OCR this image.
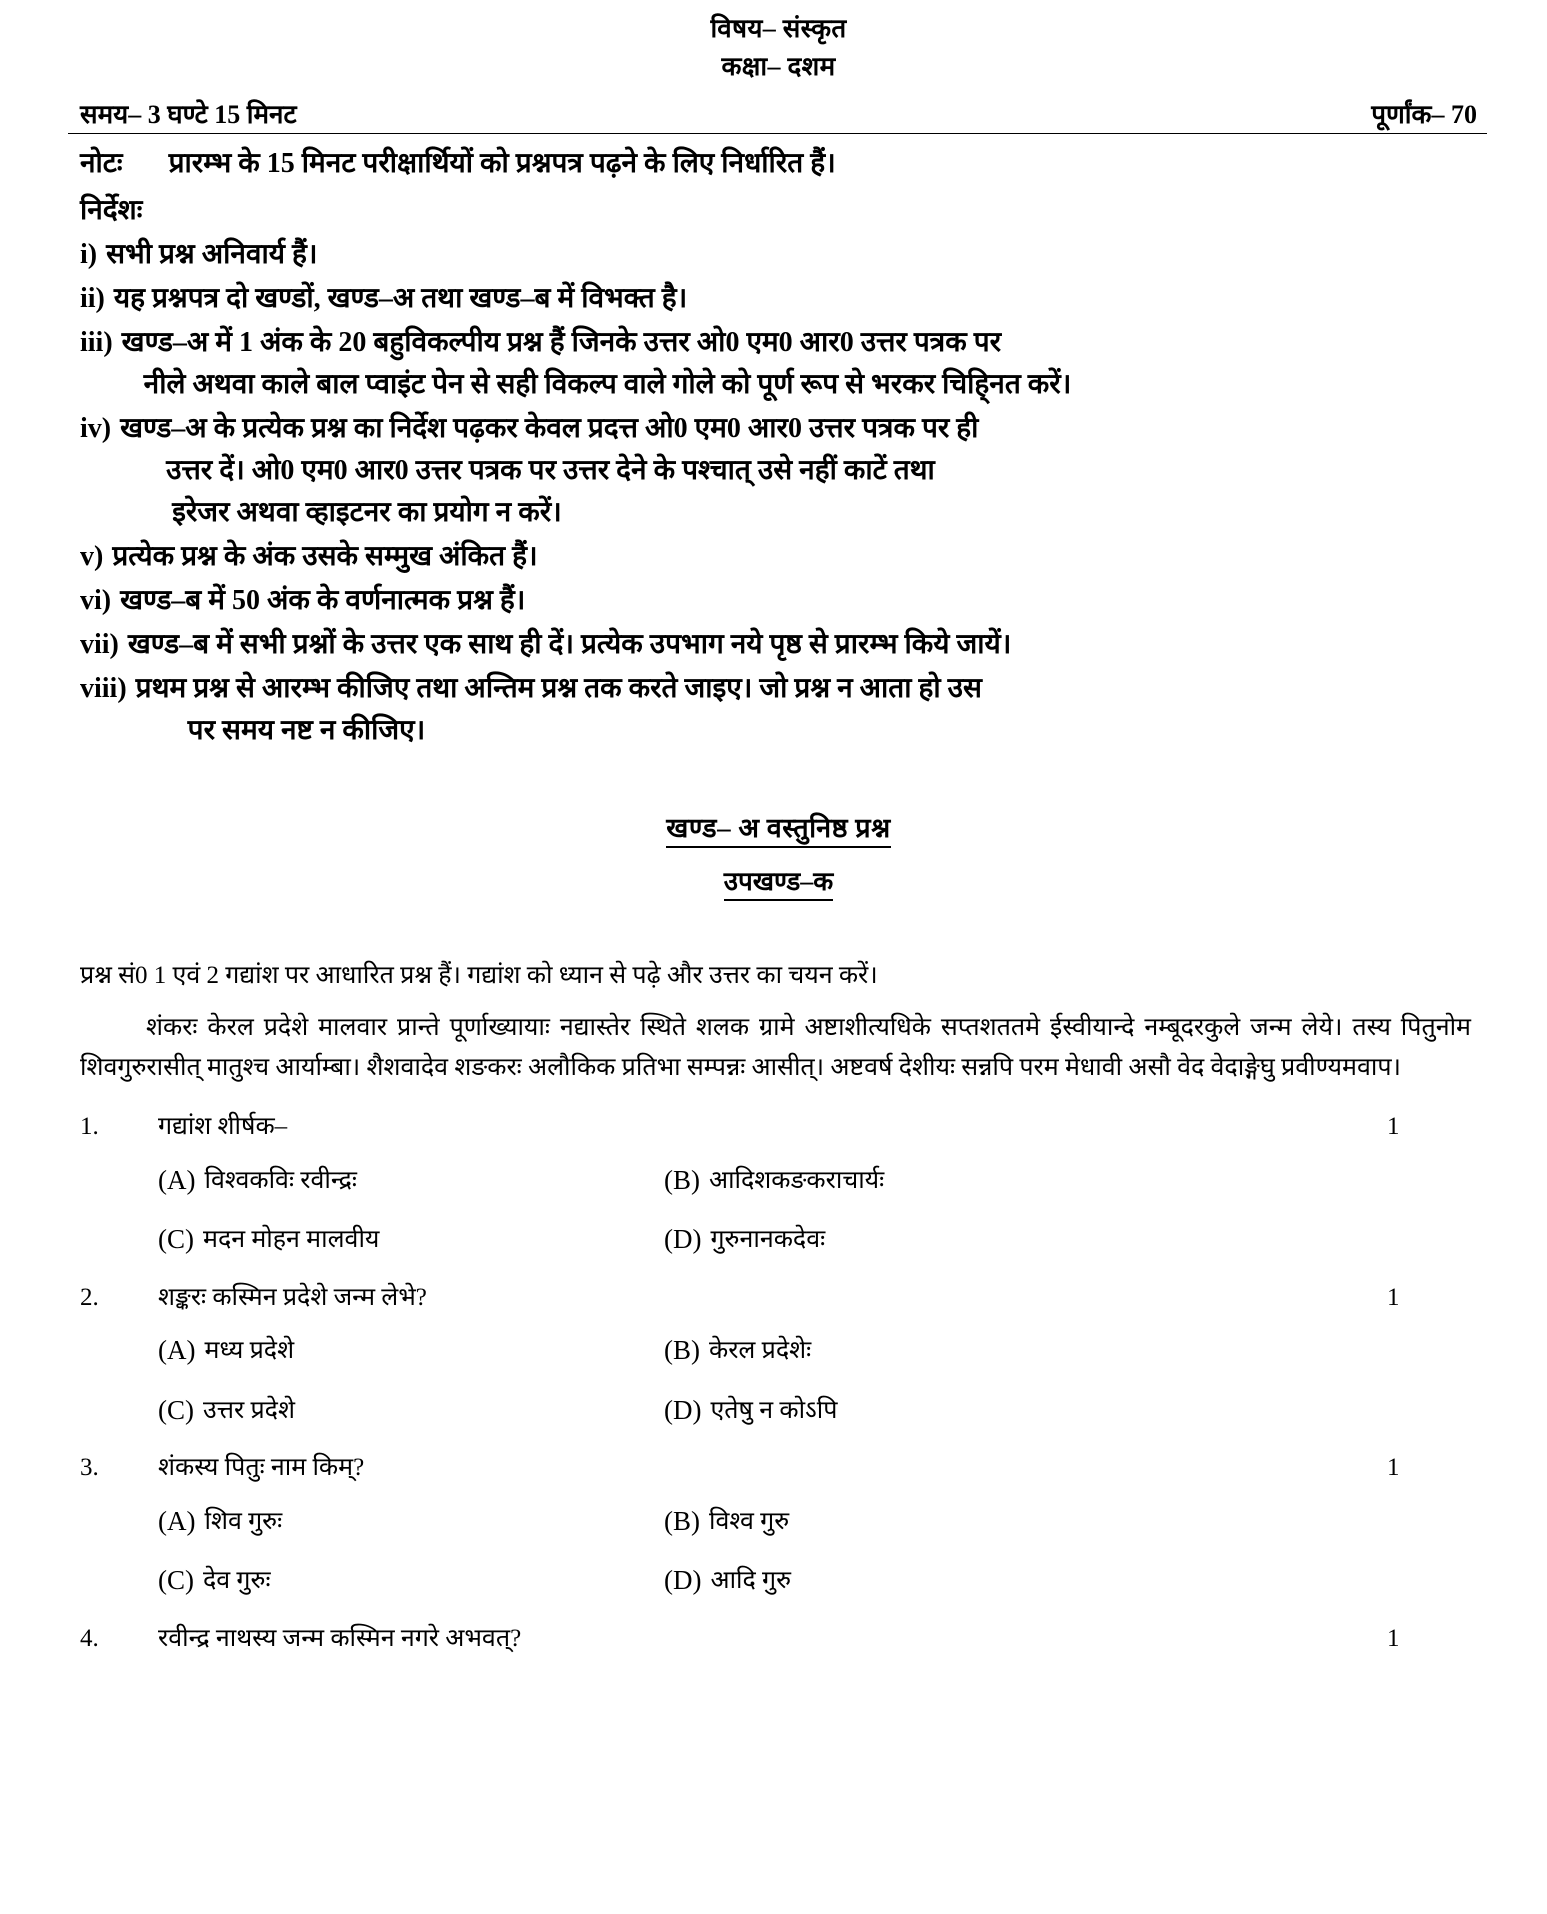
विषय– संस्कृत
कक्षा– दशम
समय– 3 घण्टे 15 मिनट	पूर्णांक– 70
नोटः प्रारम्भ के 15 मिनट परीक्षार्थियों को प्रश्नपत्र पढ़ने के लिए निर्धारित हैं।
निर्देशः
i) सभी प्रश्न अनिवार्य हैं।
ii) यह प्रश्नपत्र दो खण्डों, खण्ड–अ तथा खण्ड–ब में विभक्त है।
iii) खण्ड–अ में 1 अंक के 20 बहुविकल्पीय प्रश्न हैं जिनके उत्तर ओ0 एम0 आर0 उत्तर पत्रक पर
नीले अथवा काले बाल प्वाइंट पेन से सही विकल्प वाले गोले को पूर्ण रूप से भरकर चिहि्नत करें।
iv) खण्ड–अ के प्रत्येक प्रश्न का निर्देश पढ़कर केवल प्रदत्त ओ0 एम0 आर0 उत्तर पत्रक पर ही
उत्तर दें। ओ0 एम0 आर0 उत्तर पत्रक पर उत्तर देने के पश्चात् उसे नहीं काटें तथा
इरेजर अथवा व्हाइटनर का प्रयोग न करें।
v) प्रत्येक प्रश्न के अंक उसके सम्मुख अंकित हैं।
vi) खण्ड–ब में 50 अंक के वर्णनात्मक प्रश्न हैं।
vii) खण्ड–ब में सभी प्रश्नों के उत्तर एक साथ ही दें। प्रत्येक उपभाग नये पृष्ठ से प्रारम्भ किये जायें।
viii) प्रथम प्रश्न से आरम्भ कीजिए तथा अन्तिम प्रश्न तक करते जाइए। जो प्रश्न न आता हो उस
पर समय नष्ट न कीजिए।
खण्ड– अ वस्तुनिष्ठ प्रश्न
उपखण्ड–क
प्रश्न सं0 1 एवं 2 गद्यांश पर आधारित प्रश्न हैं। गद्यांश को ध्यान से पढ़े और उत्तर का चयन करें।
शंकरः केरल प्रदेशे मालवार प्रान्ते पूर्णाख्यायाः नद्यास्तेर स्थिते शलक ग्रामे अष्टाशीत्यधिके सप्तशततमे ईस्वीयान्दे नम्बूदरकुले जन्म लेये। तस्य पितुनोम शिवगुरुरासीत् मातुश्च आर्याम्बा। शैशवादेव शङकरः अलौकिक प्रतिभा सम्पन्नः आसीत्। अष्टवर्ष देशीयः सन्नपि परम मेधावी असौ वेद वेदाङ्गेघु प्रवीण्यमवाप।
1.	गद्यांश शीर्षक–	1
(A) विश्वकविः रवीन्द्रः	(B) आदिशकङकराचार्यः
(C) मदन मोहन मालवीय	(D) गुरुनानकदेवः
2.	शङ्करः कस्मिन प्रदेशे जन्म लेभे?	1
(A) मध्य प्रदेशे	(B) केरल प्रदेशेः
(C) उत्तर प्रदेशे	(D) एतेषु न कोऽपि
3.	शंकस्य पितुः नाम किम्?	1
(A) शिव गुरुः	(B) विश्व गुरु
(C) देव गुरुः	(D) आदि गुरु
4.	रवीन्द्र नाथस्य जन्म कस्मिन नगरे अभवत्?	1
